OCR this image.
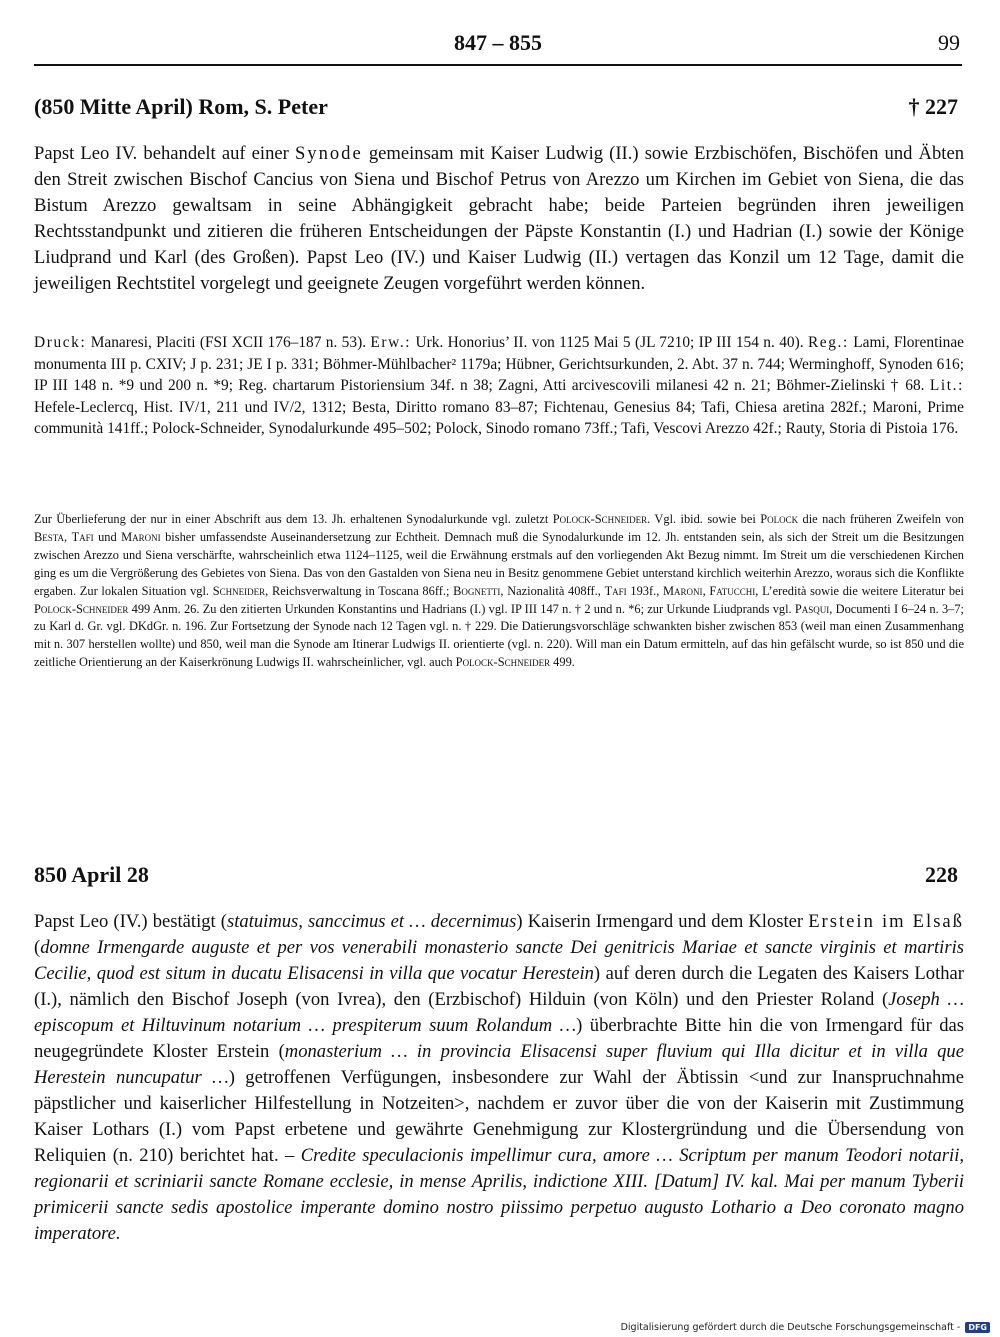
847 – 855	99
(850 Mitte April) Rom, S. Peter	† 227
Papst Leo IV. behandelt auf einer Synode gemeinsam mit Kaiser Ludwig (II.) sowie Erzbischöfen, Bischöfen und Äbten den Streit zwischen Bischof Cancius von Siena und Bischof Petrus von Arezzo um Kirchen im Gebiet von Siena, die das Bistum Arezzo gewaltsam in seine Abhängigkeit gebracht habe; beide Parteien begründen ihren jeweiligen Rechtsstandpunkt und zitieren die früheren Entscheidungen der Päpste Konstantin (I.) und Hadrian (I.) sowie der Könige Liudprand und Karl (des Großen). Papst Leo (IV.) und Kaiser Ludwig (II.) vertagen das Konzil um 12 Tage, damit die jeweiligen Rechtstitel vorgelegt und geeignete Zeugen vorgeführt werden können.
Druck: Manaresi, Placiti (FSI XCII 176–187 n. 53). Erw.: Urk. Honorius’ II. von 1125 Mai 5 (JL 7210; IP III 154 n. 40). Reg.: Lami, Florentinae monumenta III p. CXIV; J p. 231; JE I p. 331; Böhmer-Mühlbacher² 1179a; Hübner, Gerichtsurkunden, 2. Abt. 37 n. 744; Werminghoff, Synoden 616; IP III 148 n. *9 und 200 n. *9; Reg. chartarum Pistoriensium 34f. n 38; Zagni, Atti arcivescovili milanesi 42 n. 21; Böhmer-Zielinski † 68. Lit.: Hefele-Leclercq, Hist. IV/1, 211 und IV/2, 1312; Besta, Diritto romano 83–87; Fichtenau, Genesius 84; Tafi, Chiesa aretina 282f.; Maroni, Prime communità 141ff.; Polock-Schneider, Synodalurkunde 495–502; Polock, Sinodo romano 73ff.; Tafi, Vescovi Arezzo 42f.; Rauty, Storia di Pistoia 176.
Zur Überlieferung der nur in einer Abschrift aus dem 13. Jh. erhaltenen Synodalurkunde vgl. zuletzt Polock-Schneider. Vgl. ibid. sowie bei Polock die nach früheren Zweifeln von Besta, Tafi und Maroni bisher umfassendste Auseinandersetzung zur Echtheit. Demnach muß die Synodalurkunde im 12. Jh. entstanden sein, als sich der Streit um die Besitzungen zwischen Arezzo und Siena verschärfte, wahrscheinlich etwa 1124–1125, weil die Erwähnung erstmals auf den vorliegenden Akt Bezug nimmt. Im Streit um die verschiedenen Kirchen ging es um die Vergrößerung des Gebietes von Siena. Das von den Gastalden von Siena neu in Besitz genommene Gebiet unterstand kirchlich weiterhin Arezzo, woraus sich die Konflikte ergaben. Zur lokalen Situation vgl. Schneider, Reichsverwaltung in Toscana 86ff.; Bognetti, Nazionalità 408ff., Tafi 193f., Maroni, Fatucchi, L’eredità sowie die weitere Literatur bei Polock-Schneider 499 Anm. 26. Zu den zitierten Urkunden Konstantins und Hadrians (I.) vgl. IP III 147 n. † 2 und n. *6; zur Urkunde Liudprands vgl. Pasqui, Documenti I 6–24 n. 3–7; zu Karl d. Gr. vgl. DKdGr. n. 196. Zur Fortsetzung der Synode nach 12 Tagen vgl. n. † 229. Die Datierungsvorschläge schwankten bisher zwischen 853 (weil man einen Zusammenhang mit n. 307 herstellen wollte) und 850, weil man die Synode am Itinerar Ludwigs II. orientierte (vgl. n. 220). Will man ein Datum ermitteln, auf das hin gefälscht wurde, so ist 850 und die zeitliche Orientierung an der Kaiserkrönung Ludwigs II. wahrscheinlicher, vgl. auch Polock-Schneider 499.
850 April 28	228
Papst Leo (IV.) bestätigt (statuimus, sanccimus et … decernimus) Kaiserin Irmengard und dem Kloster Erstein im Elsaß (domne Irmengarde auguste et per vos venerabili monasterio sancte Dei genitricis Mariae et sancte virginis et martiris Cecilie, quod est situm in ducatu Elisacensi in villa que vocatur Herestein) auf deren durch die Legaten des Kaisers Lothar (I.), nämlich den Bischof Joseph (von Ivrea), den (Erzbischof) Hilduin (von Köln) und den Priester Roland (Joseph … episcopum et Hiltuvinum notarium … prespiterum suum Rolandum …) überbrachte Bitte hin die von Irmengard für das neugegründete Kloster Erstein (monasterium … in provincia Elisacensi super fluvium qui Illa dicitur et in villa que Herestein nuncupatur …) getroffenen Verfügungen, insbesondere zur Wahl der Äbtissin <und zur Inanspruchnahme päpstlicher und kaiserlicher Hilfestellung in Notzeiten>, nachdem er zuvor über die von der Kaiserin mit Zustimmung Kaiser Lothars (I.) vom Papst erbetene und gewährte Genehmigung zur Klostergründung und die Übersendung von Reliquien (n. 210) berichtet hat. – Credite speculacionis impellimur cura, amore … Scriptum per manum Teodori notarii, regionarii et scriniarii sancte Romane ecclesie, in mense Aprilis, indictione XIII. [Datum] IV. kal. Mai per manum Tyberii primicerii sancte sedis apostolice imperante domino nostro piissimo perpetuo augusto Lothario a Deo coronato magno imperatore.
Digitalisierung gefördert durch die Deutsche Forschungsgemeinschaft -	DFG
